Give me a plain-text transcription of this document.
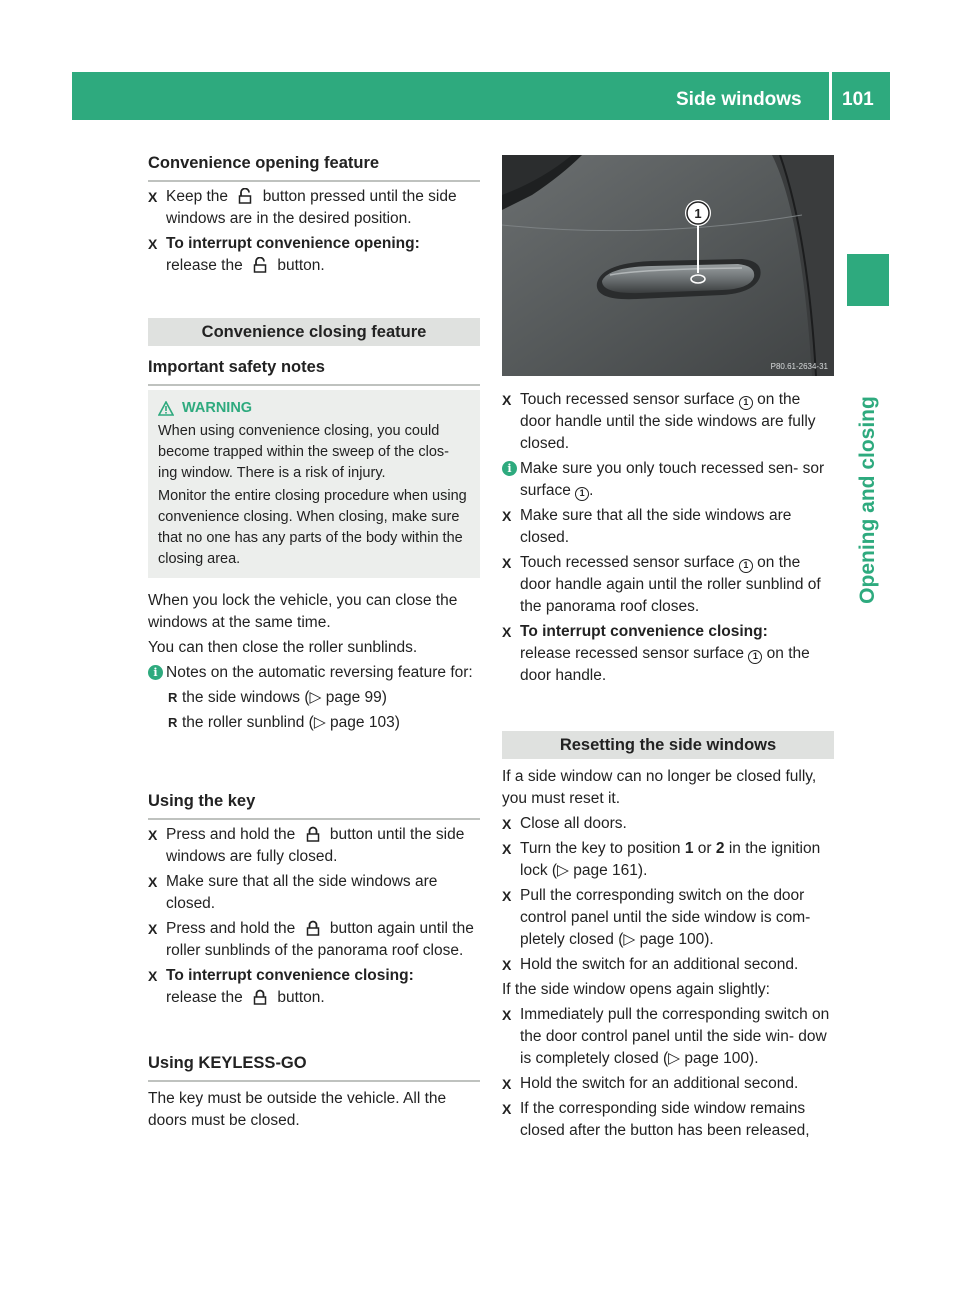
Side windows 101
Opening and closing
Convenience opening feature
X Keep the button pressed until the side windows are in the desired position.
X To interrupt convenience opening:
release the button.
Convenience closing feature
Important safety notes
WARNING

When using convenience closing, you could become trapped within the sweep of the clos- ing window. There is a risk of injury.

Monitor the entire closing procedure when using convenience closing. When closing, make sure that no one has any parts of the body within the closing area.

When you lock the vehicle, you can close the windows at the same time.

You can then close the roller sunblinds.

i Notes on the automatic reversing feature for:
R the side windows (▷ page 99)
R the roller sunblind (▷ page 103)
Using the key
X Press and hold the button until the side windows are fully closed.
X Make sure that all the side windows are closed.
X Press and hold the button again until the roller sunblinds of the panorama roof close.
X To interrupt convenience closing:
release the button.
Using KEYLESS-GO

The key must be outside the vehicle. All the doors must be closed.

1
P80.61-2634-31
X Touch recessed sensor surface 1 on the door handle until the side windows are fully closed.
i Make sure you only touch recessed sen- sor surface 1 .
X Make sure that all the side windows are closed.
X Touch recessed sensor surface 1 on the door handle again until the roller sunblind of the panorama roof closes.
X To interrupt convenience closing:
release recessed sensor surface 1 on the door handle.
Resetting the side windows

If a side window can no longer be closed fully, you must reset it.

X Close all doors.
X Turn the key to position 1 or 2 in the ignition lock (▷ page 161).
X Pull the corresponding switch on the door control panel until the side window is com- pletely closed (▷ page 100).
X Hold the switch for an additional second.

If the side window opens again slightly:

X Immediately pull the corresponding switch on the door control panel until the side win- dow is completely closed (▷ page 100).
X Hold the switch for an additional second.
X If the corresponding side window remains closed after the button has been released,
